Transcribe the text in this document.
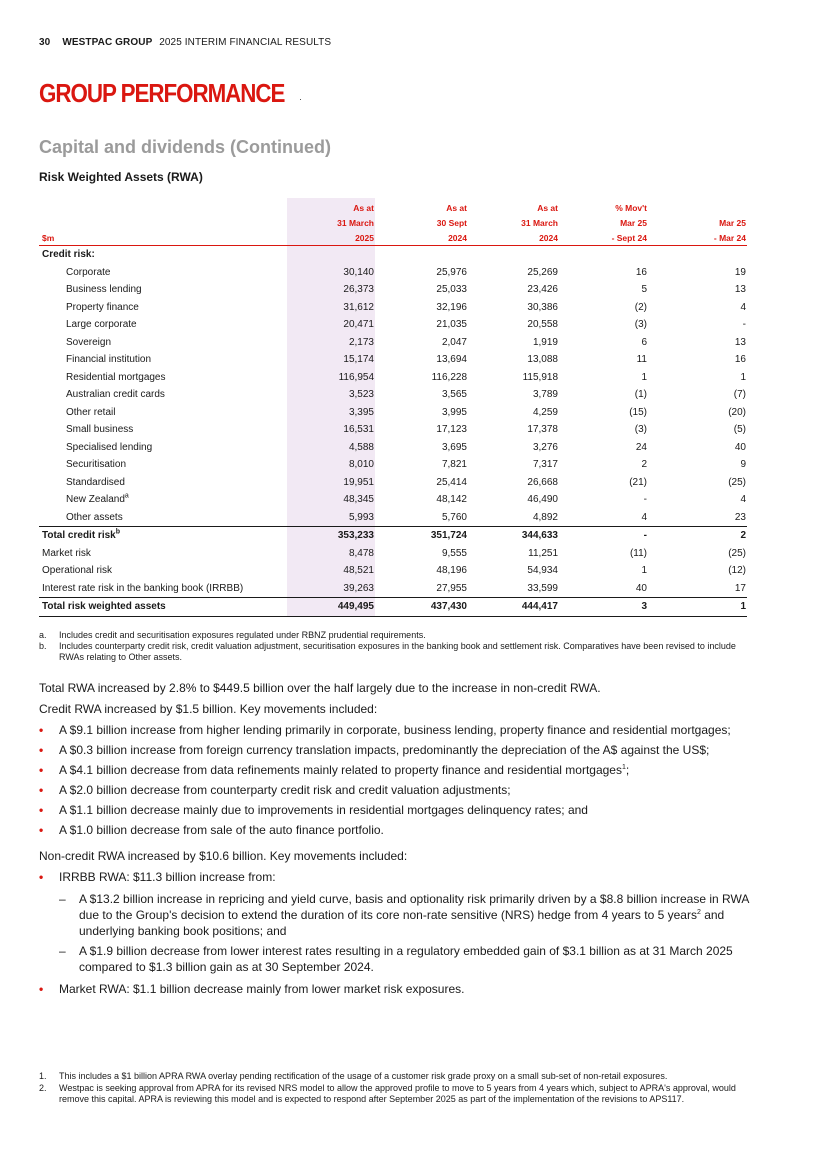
30 WESTPAC GROUP 2025 INTERIM FINANCIAL RESULTS
GROUP PERFORMANCE
Capital and dividends (Continued)
Risk Weighted Assets (RWA)
	As at	As at	As at	% Mov't	
	31 March	30 Sept	31 March	Mar 25	Mar 25
$m	2025	2024	2024	- Sept 24	- Mar 24
Credit risk:					
Corporate	30,140	25,976	25,269	16	19
Business lending	26,373	25,033	23,426	5	13
Property finance	31,612	32,196	30,386	(2)	4
Large corporate	20,471	21,035	20,558	(3)	-
Sovereign	2,173	2,047	1,919	6	13
Financial institution	15,174	13,694	13,088	11	16
Residential mortgages	116,954	116,228	115,918	1	1
Australian credit cards	3,523	3,565	3,789	(1)	(7)
Other retail	3,395	3,995	4,259	(15)	(20)
Small business	16,531	17,123	17,378	(3)	(5)
Specialised lending	4,588	3,695	3,276	24	40
Securitisation	8,010	7,821	7,317	2	9
Standardised	19,951	25,414	26,668	(21)	(25)
New Zealand$^a$	48,345	48,142	46,490	-	4
Other assets	5,993	5,760	4,892	4	23
Total credit risk$^b$	353,233	351,724	344,633	-	2
Market risk	8,478	9,555	11,251	(11)	(25)
Operational risk	48,521	48,196	54,934	1	(12)
Interest rate risk in the banking book (IRRBB)	39,263	27,955	33,599	40	17
Total risk weighted assets	449,495	437,430	444,417	3	1
a.	Includes credit and securitisation exposures regulated under RBNZ prudential requirements.
b.	Includes counterparty credit risk, credit valuation adjustment, securitisation exposures in the banking book and settlement risk. Comparatives have been revised to include RWAs relating to Other assets.

Total RWA increased by 2.8% to $449.5 billion over the half largely due to the increase in non-credit RWA.

Credit RWA increased by $1.5 billion. Key movements included:

• A $9.1 billion increase from higher lending primarily in corporate, business lending, property finance and residential mortgages;
• A $0.3 billion increase from foreign currency translation impacts, predominantly the depreciation of the A$ against the US$;
• A $4.1 billion decrease from data refinements mainly related to property finance and residential mortgages$^1$;
• A $2.0 billion decrease from counterparty credit risk and credit valuation adjustments;
• A $1.1 billion decrease mainly due to improvements in residential mortgages delinquency rates; and
• A $1.0 billion decrease from sale of the auto finance portfolio.

Non-credit RWA increased by $10.6 billion. Key movements included:

• IRRBB RWA: $11.3 billion increase from:
– A $13.2 billion increase in repricing and yield curve, basis and optionality risk primarily driven by a $8.8 billion increase in RWA due to the Group's decision to extend the duration of its core non-rate sensitive (NRS) hedge from 4 years to 5 years$^2$ and underlying banking book positions; and
– A $1.9 billion decrease from lower interest rates resulting in a regulatory embedded gain of $3.1 billion as at 31 March 2025 compared to $1.3 billion gain as at 30 September 2024.
• Market RWA: $1.1 billion decrease mainly from lower market risk exposures.
1.	This includes a $1 billion APRA RWA overlay pending rectification of the usage of a customer risk grade proxy on a small sub-set of non-retail exposures.
2.	Westpac is seeking approval from APRA for its revised NRS model to allow the approved profile to move to 5 years from 4 years which, subject to APRA's approval, would remove this capital. APRA is reviewing this model and is expected to respond after September 2025 as part of the implementation of the revisions to APS117.
